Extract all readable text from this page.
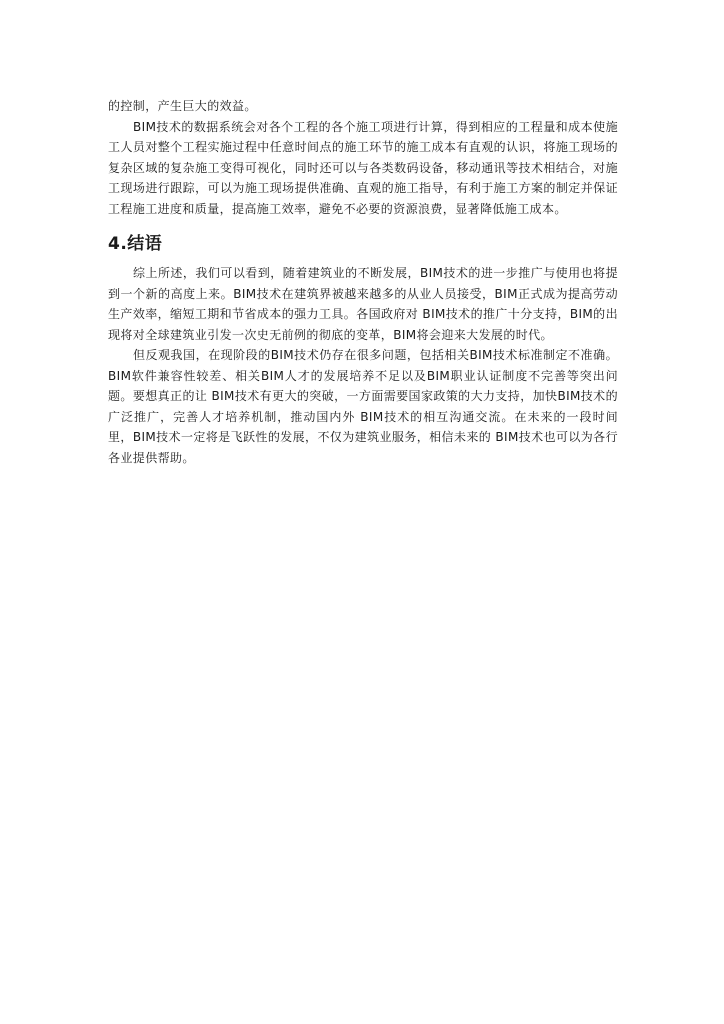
的控制，产生巨大的效益。

BIM技术的数据系统会对各个工程的各个施工项进行计算，得到相应的工程量和成本使施工人员对整个工程实施过程中任意时间点的施工环节的施工成本有直观的认识，将施工现场的复杂区域的复杂施工变得可视化，同时还可以与各类数码设备，移动通讯等技术相结合，对施工现场进行跟踪，可以为施工现场提供准确、直观的施工指导，有利于施工方案的制定并保证工程施工进度和质量，提高施工效率，避免不必要的资源浪费，显著降低施工成本。

4.结语

综上所述，我们可以看到，随着建筑业的不断发展，BIM技术的进一步推广与使用也将提到一个新的高度上来。BIM技术在建筑界被越来越多的从业人员接受，BIM正式成为提高劳动生产效率，缩短工期和节省成本的强力工具。各国政府对 BIM技术的推广十分支持，BIM的出现将对全球建筑业引发一次史无前例的彻底的变革，BIM将会迎来大发展的时代。

但反观我国，在现阶段的BIM技术仍存在很多问题，包括相关BIM技术标准制定不准确。BIM软件兼容性较差、相关BIM人才的发展培养不足以及BIM职业认证制度不完善等突出问题。要想真正的让 BIM技术有更大的突破，一方面需要国家政策的大力支持，加快BIM技术的广泛推广，完善人才培养机制，推动国内外 BIM技术的相互沟通交流。在未来的一段时间里，BIM技术一定将是飞跃性的发展，不仅为建筑业服务，相信未来的 BIM技术也可以为各行各业提供帮助。
